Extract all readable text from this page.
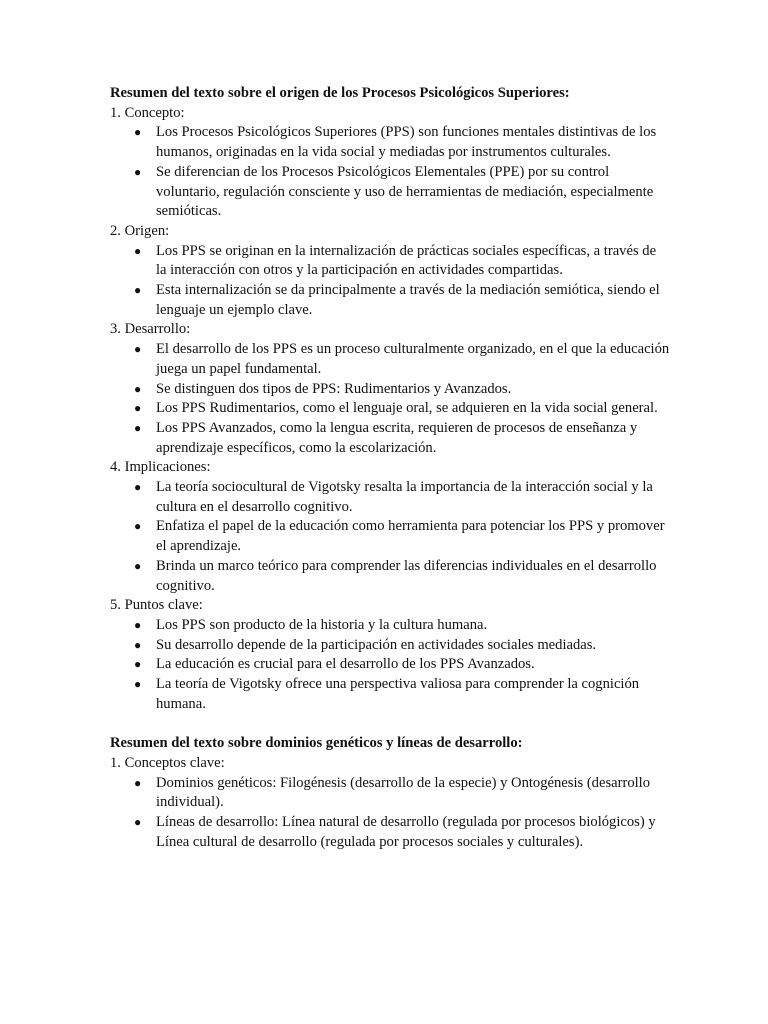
Resumen del texto sobre el origen de los Procesos Psicológicos Superiores:

1. Concepto:

● Los Procesos Psicológicos Superiores (PPS) son funciones mentales distintivas de los humanos, originadas en la vida social y mediadas por instrumentos culturales.
● Se diferencian de los Procesos Psicológicos Elementales (PPE) por su control voluntario, regulación consciente y uso de herramientas de mediación, especialmente semióticas.

2. Origen:

● Los PPS se originan en la internalización de prácticas sociales específicas, a través de la interacción con otros y la participación en actividades compartidas.
● Esta internalización se da principalmente a través de la mediación semiótica, siendo el lenguaje un ejemplo clave.

3. Desarrollo:

● El desarrollo de los PPS es un proceso culturalmente organizado, en el que la educación juega un papel fundamental.
● Se distinguen dos tipos de PPS: Rudimentarios y Avanzados.
● Los PPS Rudimentarios, como el lenguaje oral, se adquieren en la vida social general.
● Los PPS Avanzados, como la lengua escrita, requieren de procesos de enseñanza y aprendizaje específicos, como la escolarización.

4. Implicaciones:

● La teoría sociocultural de Vigotsky resalta la importancia de la interacción social y la cultura en el desarrollo cognitivo.
● Enfatiza el papel de la educación como herramienta para potenciar los PPS y promover el aprendizaje.
● Brinda un marco teórico para comprender las diferencias individuales en el desarrollo cognitivo.

5. Puntos clave:

● Los PPS son producto de la historia y la cultura humana.
● Su desarrollo depende de la participación en actividades sociales mediadas.
● La educación es crucial para el desarrollo de los PPS Avanzados.
● La teoría de Vigotsky ofrece una perspectiva valiosa para comprender la cognición humana.

Resumen del texto sobre dominios genéticos y líneas de desarrollo:

1. Conceptos clave:

● Dominios genéticos: Filogénesis (desarrollo de la especie) y Ontogénesis (desarrollo individual).
● Líneas de desarrollo: Línea natural de desarrollo (regulada por procesos biológicos) y Línea cultural de desarrollo (regulada por procesos sociales y culturales).
